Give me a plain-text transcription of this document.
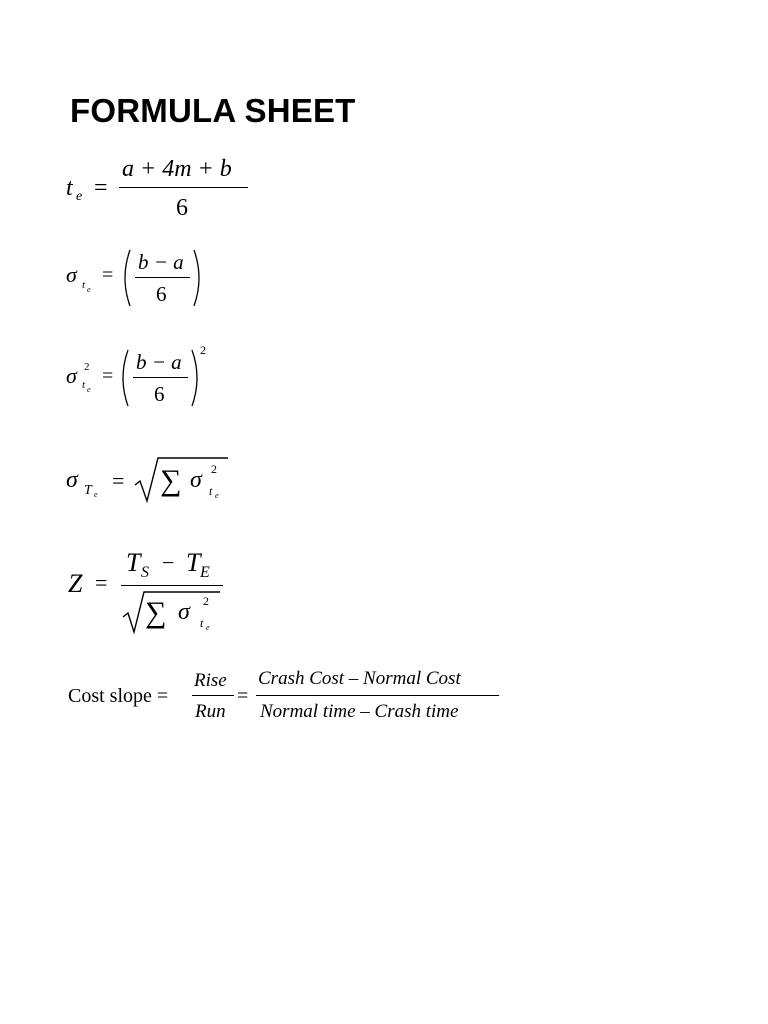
FORMULA SHEET
t e =
a + 4m + b
6
σ t e
=
b − a
6
σ 2
t e
=
b − a
6
2
σ T e
= ∑ σ 2
t e
Z =
T S − T E
∑ σ 2
t e
Cost slope =
Rise
Run
=
Crash Cost – Normal Cost
Normal time – Crash time
